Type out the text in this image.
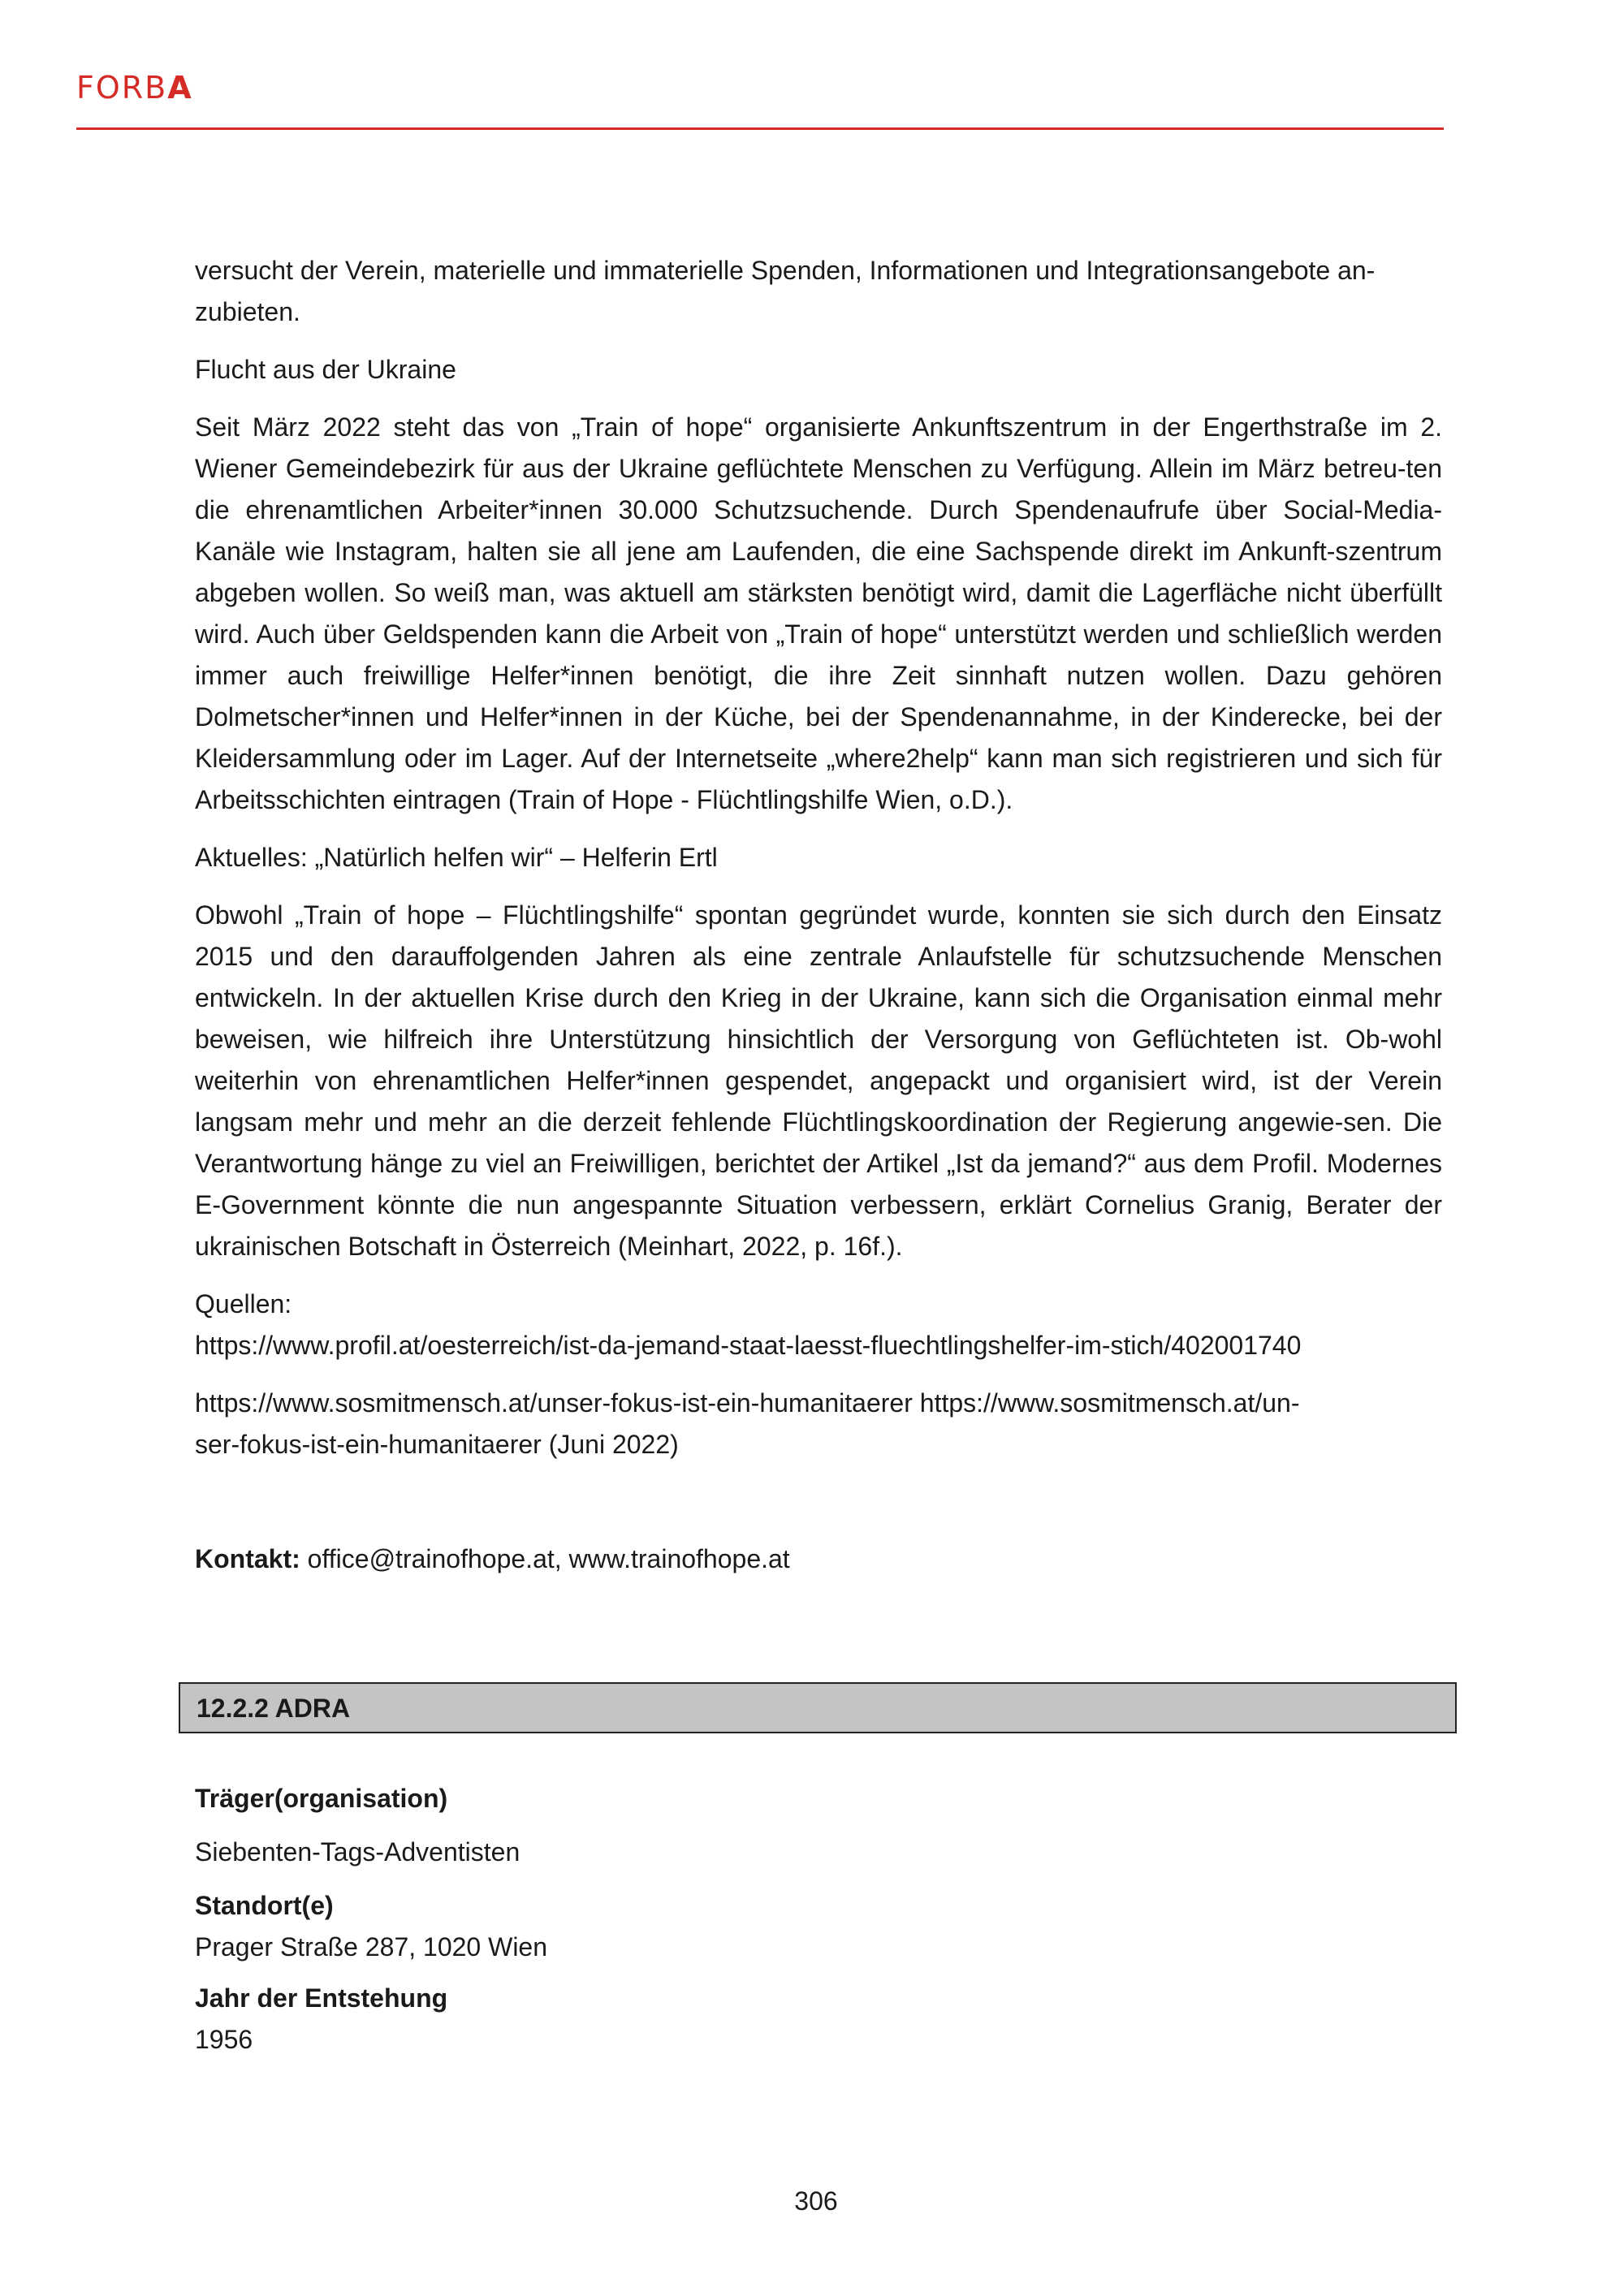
FORBA

versucht der Verein, materielle und immaterielle Spenden, Informationen und Integrationsangebote an-

zubieten.

Flucht aus der Ukraine

Seit März 2022 steht das von „Train of hope“ organisierte Ankunftszentrum in der Engerthstraße im 2. Wiener Gemeindebezirk für aus der Ukraine geflüchtete Menschen zu Verfügung. Allein im März betreu-ten die ehrenamtlichen Arbeiter*innen 30.000 Schutzsuchende. Durch Spendenaufrufe über Social-Media-Kanäle wie Instagram, halten sie all jene am Laufenden, die eine Sachspende direkt im Ankunft-szentrum abgeben wollen. So weiß man, was aktuell am stärksten benötigt wird, damit die Lagerfläche nicht überfüllt wird. Auch über Geldspenden kann die Arbeit von „Train of hope“ unterstützt werden und schließlich werden immer auch freiwillige Helfer*innen benötigt, die ihre Zeit sinnhaft nutzen wollen. Dazu gehören Dolmetscher*innen und Helfer*innen in der Küche, bei der Spendenannahme, in der Kinderecke, bei der Kleidersammlung oder im Lager. Auf der Internetseite „where2help“ kann man sich registrieren und sich für Arbeitsschichten eintragen (Train of Hope - Flüchtlingshilfe Wien, o.D.).

Aktuelles: „Natürlich helfen wir“ – Helferin Ertl

Obwohl „Train of hope – Flüchtlingshilfe“ spontan gegründet wurde, konnten sie sich durch den Einsatz 2015 und den darauffolgenden Jahren als eine zentrale Anlaufstelle für schutzsuchende Menschen entwickeln. In der aktuellen Krise durch den Krieg in der Ukraine, kann sich die Organisation einmal mehr beweisen, wie hilfreich ihre Unterstützung hinsichtlich der Versorgung von Geflüchteten ist. Ob-wohl weiterhin von ehrenamtlichen Helfer*innen gespendet, angepackt und organisiert wird, ist der Verein langsam mehr und mehr an die derzeit fehlende Flüchtlingskoordination der Regierung angewie-sen. Die Verantwortung hänge zu viel an Freiwilligen, berichtet der Artikel „Ist da jemand?“ aus dem Profil. Modernes E-Government könnte die nun angespannte Situation verbessern, erklärt Cornelius Granig, Berater der ukrainischen Botschaft in Österreich (Meinhart, 2022, p. 16f.).

Quellen:

https://www.profil.at/oesterreich/ist-da-jemand-staat-laesst-fluechtlingshelfer-im-stich/402001740

https://www.sosmitmensch.at/unser-fokus-ist-ein-humanitaerer https://www.sosmitmensch.at/un-

ser-fokus-ist-ein-humanitaerer (Juni 2022)

Kontakt: office@trainofhope.at, www.trainofhope.at
12.2.2 ADRA
Träger(organisation)
Siebenten-Tags-Adventisten
Standort(e)
Prager Straße 287, 1020 Wien
Jahr der Entstehung
1956
306
